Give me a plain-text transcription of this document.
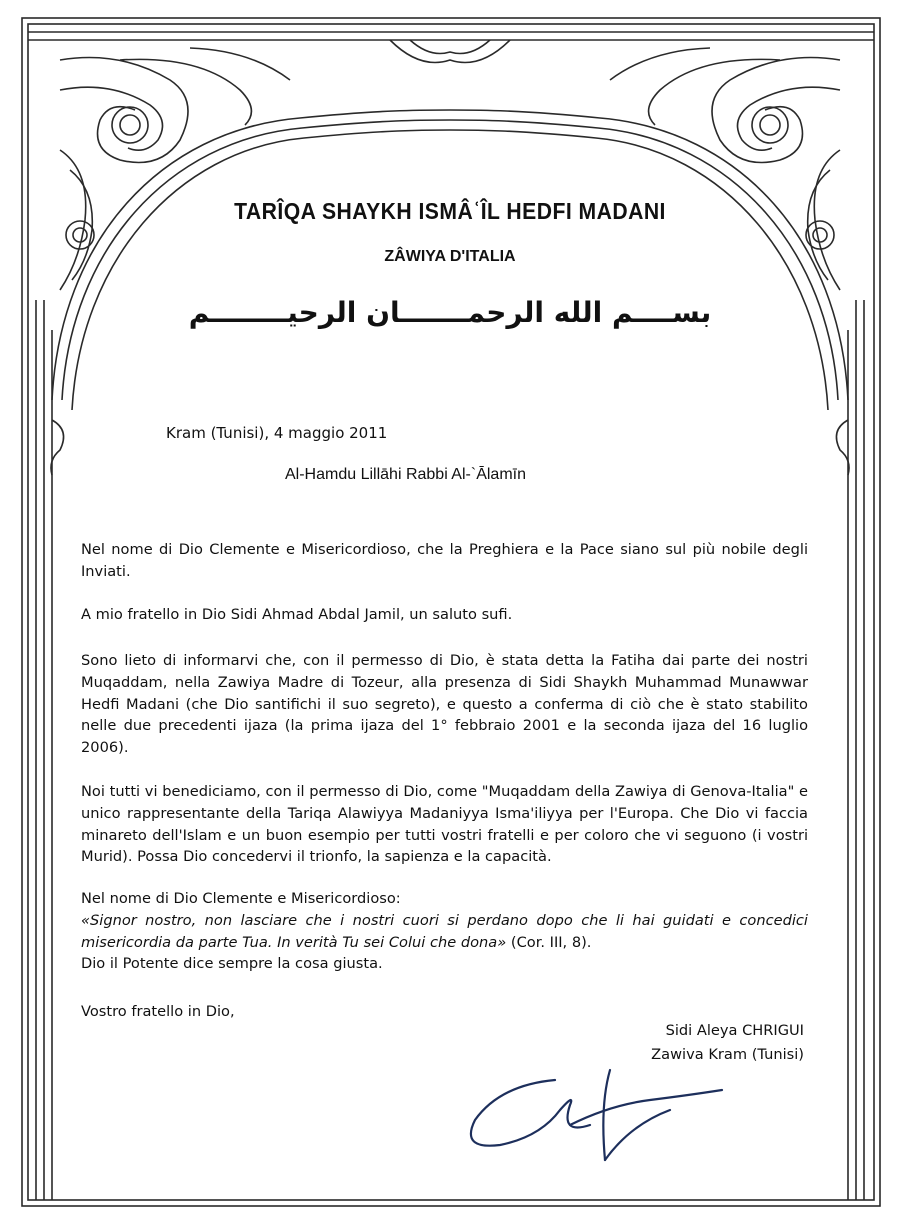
TARÎQA SHAYKH ISMÂʿÎL HEDFI MADANI
ZÂWIYA D'ITALIA
بســــم الله الرحمـــــــان الرحيــــــــم
Kram (Tunisi), 4 maggio 2011
Al-Hamdu Lillāhi Rabbi Al-`Ālamīn

Nel nome di Dio Clemente e Misericordioso, che la Preghiera e la Pace siano sul più nobile degli Inviati.

A mio fratello in Dio Sidi Ahmad Abdal Jamil, un saluto sufi.

Sono lieto di informarvi che, con il permesso di Dio, è stata detta la Fatiha dai parte dei nostri Muqaddam, nella Zawiya Madre di Tozeur, alla presenza di Sidi Shaykh Muhammad Munawwar Hedfi Madani (che Dio santifichi il suo segreto), e questo a conferma di ciò che è stato stabilito nelle due precedenti ijaza (la prima ijaza del 1° febbraio 2001 e la seconda ijaza del 16 luglio 2006).

Noi tutti vi benediciamo, con il permesso di Dio, come "Muqaddam della Zawiya di Genova-Italia" e unico rappresentante della Tariqa Alawiyya Madaniyya Isma'iliyya per l'Europa. Che Dio vi faccia minareto dell'Islam e un buon esempio per tutti vostri fratelli e per coloro che vi seguono (i vostri Murid). Possa Dio concedervi il trionfo, la sapienza e la capacità.

Nel nome di Dio Clemente e Misericordioso:

«Signor nostro, non lasciare che i nostri cuori si perdano dopo che li hai guidati e concedici misericordia da parte Tua. In verità Tu sei Colui che dona» (Cor. III, 8).

Dio il Potente dice sempre la cosa giusta.

Vostro fratello in Dio,

Sidi Aleya CHRIGUI
Zawiva Kram (Tunisi)
